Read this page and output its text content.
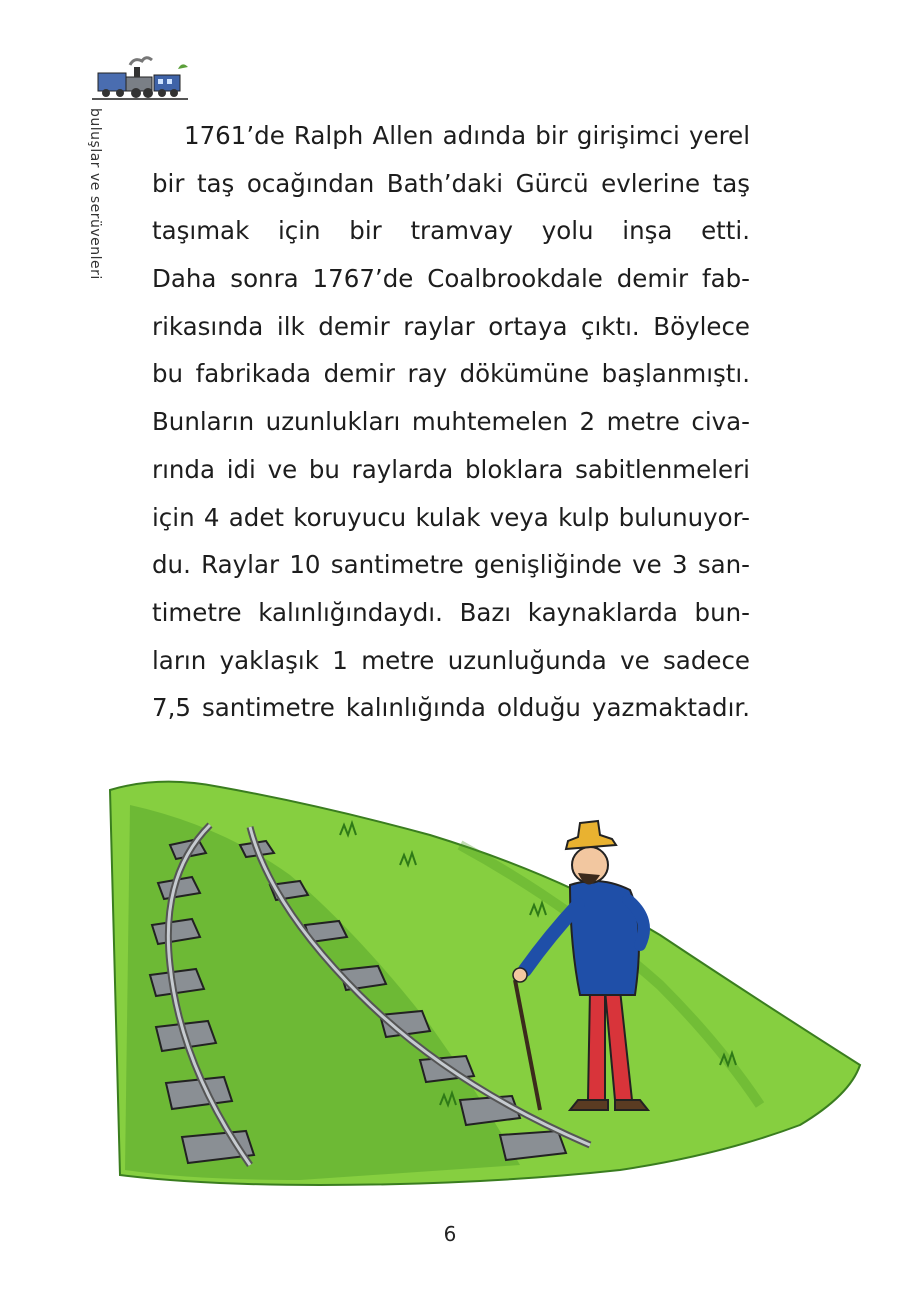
buluşlar ve serüvenleri	1761’de Ralph Allen adında bir girişimci yerel
bir taş ocağından Bath’daki Gürcü evlerine taş
taşımak için bir tramvay yolu inşa etti.
Daha sonra 1767’de Coalbrookdale demir fab-
rikasında ilk demir raylar ortaya çıktı. Böylece
bu fabrikada demir ray dökümüne başlanmıştı.
Bunların uzunlukları muhtemelen 2 metre civa-
rında idi ve bu raylarda bloklara sabitlenmeleri
için 4 adet koruyucu kulak veya kulp bulunuyor-
du. Raylar 10 santimetre genişliğinde ve 3 san-
timetre kalınlığındaydı. Bazı kaynaklarda bun-
ların yaklaşık 1 metre uzunluğunda ve sadece
7,5 santimetre kalınlığında olduğu yazmaktadır.
6
